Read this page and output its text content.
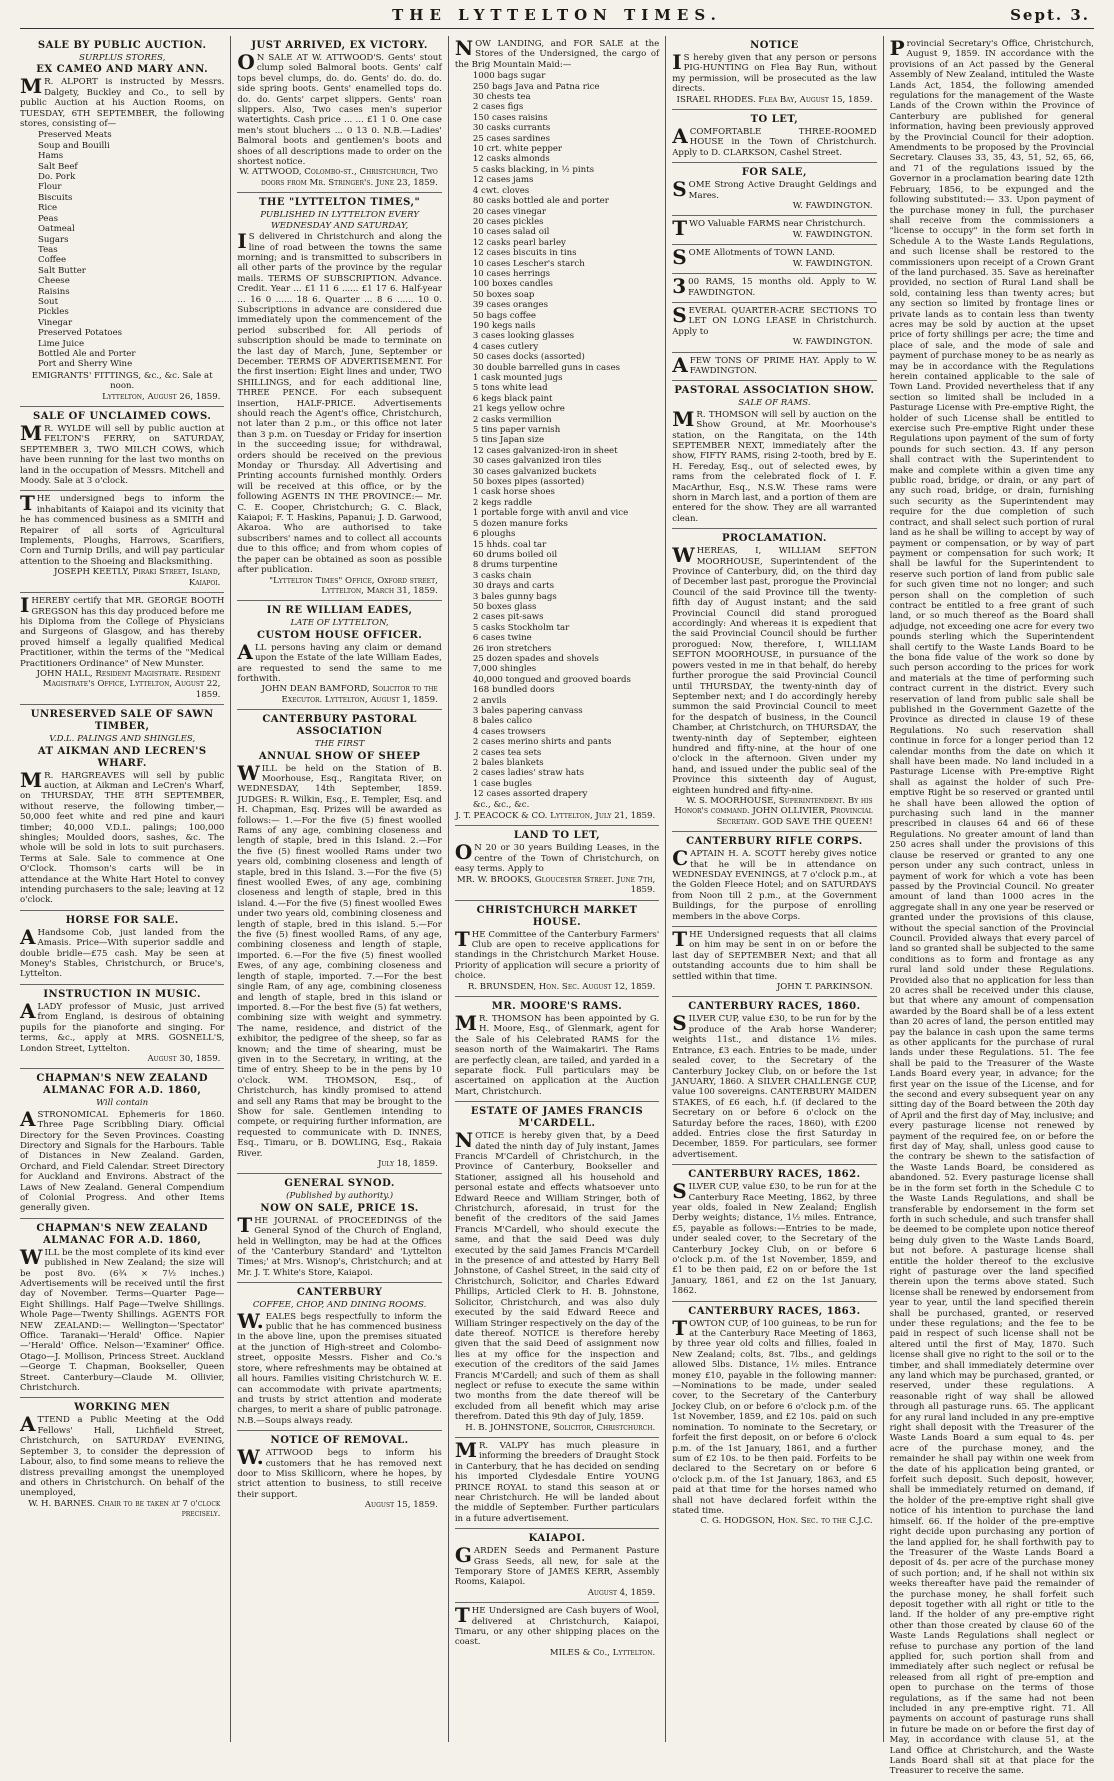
THE LYTTELTON TIMES.	Sept. 3.
SALE BY PUBLIC AUCTION.
SURPLUS STORES,
EX CAMEO AND MARY ANN.
MR. ALPORT is instructed by Messrs. Dalgety, Buckley and Co., to sell by public Auction at his Auction Rooms, on TUESDAY, 6TH SEPTEMBER, the following stores, consisting of—
Preserved Meats
Soup and Bouilli
Hams
Salt Beef
Do. Pork
Flour
Biscuits
Rice
Peas
Oatmeal
Sugars
Teas
Coffee
Salt Butter
Cheese
Raisins
Sout
Pickles
Vinegar
Preserved Potatoes
Lime Juice
Bottled Ale and Porter
Port and Sherry Wine
EMIGRANTS' FITTINGS, &c., &c. Sale at noon.
Lyttelton, August 26, 1859.
SALE OF UNCLAIMED COWS.
MR. WYLDE will sell by public auction at FELTON'S FERRY, on SATURDAY, SEPTEMBER 3, TWO MILCH COWS, which have been running for the last two months on land in the occupation of Messrs. Mitchell and Moody. Sale at 3 o'clock.
THE undersigned begs to inform the inhabitants of Kaiapoi and its vicinity that he has commenced business as a SMITH and Repairer of all sorts of Agricultural Implements, Ploughs, Harrows, Scarifiers, Corn and Turnip Drills, and will pay particular attention to the Shoeing and Blacksmithing.
JOSEPH KEETLY, Piraki Street, Island, Kaiapoi.
IHEREBY certify that MR. GEORGE BOOTH GREGSON has this day produced before me his Diploma from the College of Physicians and Surgeons of Glasgow, and has thereby proved himself a legally qualified Medical Practitioner, within the terms of the "Medical Practitioners Ordinance" of New Munster.
JOHN HALL, Resident Magistrate. Resident Magistrate's Office, Lyttelton, August 22, 1859.
UNRESERVED SALE OF SAWN TIMBER,
V.D.L. PALINGS AND SHINGLES,
AT AIKMAN AND LECREN'S WHARF.
MR. HARGREAVES will sell by public auction, at Aikman and LeCren's Wharf, on THURSDAY, THE 8TH SEPTEMBER, without reserve, the following timber,— 50,000 feet white and red pine and kauri timber; 40,000 V.D.L. palings; 100,000 shingles; Moulded doors, sashes, &c. The whole will be sold in lots to suit purchasers. Terms at Sale. Sale to commence at One O'Clock. Thomson's carts will be in attendance at the White Hart Hotel to convey intending purchasers to the sale; leaving at 12 o'clock.
HORSE FOR SALE.
AHandsome Cob, just landed from the Amasis. Price—With superior saddle and double bridle—£75 cash. May be seen at Money's Stables, Christchurch, or Bruce's, Lyttelton.
INSTRUCTION IN MUSIC.
ALADY professor of Music, just arrived from England, is desirous of obtaining pupils for the pianoforte and singing. For terms, &c., apply at MRS. GOSNELL'S, London Street, Lyttelton.
August 30, 1859.
CHAPMAN'S NEW ZEALAND ALMANAC FOR A.D. 1860,
Will contain
ASTRONOMICAL Ephemeris for 1860. Three Page Scribbling Diary. Official Directory for the Seven Provinces. Coasting Directory and Signals for the Harbours. Table of Distances in New Zealand. Garden, Orchard, and Field Calendar. Street Directory for Auckland and Environs. Abstract of the Laws of New Zealand. General Compendium of Colonial Progress. And other Items generally given.
CHAPMAN'S NEW ZEALAND ALMANAC FOR A.D. 1860,
WILL be the most complete of its kind ever published in New Zealand; the size will be post 8vo. (6¾ × 7½ inches.) Advertisements will be received until the first day of November. Terms—Quarter Page—Eight Shillings. Half Page—Twelve Shillings. Whole Page—Twenty Shillings. AGENTS FOR NEW ZEALAND:— Wellington—'Spectator' Office. Taranaki—'Herald' Office. Napier—'Herald' Office. Nelson—'Examiner' Office. Otago—J. Mollison, Princess Street. Auckland—George T. Chapman, Bookseller, Queen Street. Canterbury—Claude M. Ollivier, Christchurch.
WORKING MEN
ATTEND a Public Meeting at the Odd Fellows' Hall, Lichfield Street, Christchurch, on SATURDAY EVENING, September 3, to consider the depression of Labour, also, to find some means to relieve the distress prevailing amongst the unemployed and others in Christchurch. On behalf of the unemployed,
W. H. BARNES. Chair to be taken at 7 o'clock precisely.
JUST ARRIVED, EX VICTORY.
ON SALE AT W. ATTWOOD'S. Gents' stout clump soled Balmoral boots. Gents' calf tops bevel clumps, do. do. Gents' do. do. do. side spring boots. Gents' enamelled tops do. do. do. Gents' carpet slippers. Gents' roan slippers. Also, Two cases men's superior watertights. Cash price ... ... £1 1 0. One case men's stout bluchers ... 0 13 0. N.B.—Ladies' Balmoral boots and gentlemen's boots and shoes of all descriptions made to order on the shortest notice.
W. ATTWOOD, Colombo-st., Christchurch, Two doors from Mr. Stringer's. June 23, 1859.
THE "LYTTELTON TIMES,"
PUBLISHED IN LYTTELTON EVERY WEDNESDAY AND SATURDAY,
IS delivered in Christchurch and along the line of road between the towns the same morning; and is transmitted to subscribers in all other parts of the province by the regular mails. TERMS OF SUBSCRIPTION. Advance. Credit. Year ... £1 11 6 ...... £1 17 6. Half-year ... 16 0 ...... 18 6. Quarter ... 8 6 ...... 10 0. Subscriptions in advance are considered due immediately upon the commencement of the period subscribed for. All periods of subscription should be made to terminate on the last day of March, June, September or December. TERMS OF ADVERTISEMENT. For the first insertion: Eight lines and under, TWO SHILLINGS, and for each additional line, THREE PENCE. For each subsequent insertion, HALF-PRICE. Advertisements should reach the Agent's office, Christchurch, not later than 2 p.m., or this office not later than 3 p.m. on Tuesday or Friday for insertion in the succeeding issue; for withdrawal, orders should be received on the previous Monday or Thursday. All Advertising and Printing accounts furnished monthly. Orders will be received at this office, or by the following AGENTS IN THE PROVINCE:— Mr. C. E. Cooper, Christchurch; G. C. Black, Kaiapoi; F. T. Haskins, Papanui; J. D. Garwood, Akaroa. Who are authorised to take subscribers' names and to collect all accounts due to this office; and from whom copies of the paper can be obtained as soon as possible after publication.
"Lyttelton Times" Office, Oxford street, Lyttelton, March 31, 1859.
IN RE WILLIAM EADES,
LATE OF LYTTELTON,
CUSTOM HOUSE OFFICER.
ALL persons having any claim or demand upon the Estate of the late William Eades, are requested to send the same to me forthwith.
JOHN DEAN BAMFORD, Solicitor to the Executor. Lyttelton, August 1, 1859.
CANTERBURY PASTORAL ASSOCIATION
THE FIRST
ANNUAL SHOW OF SHEEP
WILL be held on the Station of B. Moorhouse, Esq., Rangitata River, on WEDNESDAY, 14th September, 1859. JUDGES: R. Wilkin, Esq., E. Templer, Esq. and H. Chapman, Esq. Prizes will be awarded as follows:— 1.—For the five (5) finest woolled Rams of any age, combining closeness and length of staple, bred in this Island. 2.—For the five (5) finest woolled Rams under two years old, combining closeness and length of staple, bred in this Island. 3.—For the five (5) finest woolled Ewes, of any age, combining closeness and length of staple, bred in this island. 4.—For the five (5) finest woolled Ewes under two years old, combining closeness and length of staple, bred in this island. 5.—For the five (5) finest woolled Rams, of any age, combining closeness and length of staple, imported. 6.—For the five (5) finest woolled Ewes, of any age, combining closeness and length of staple, imported. 7.—For the best single Ram, of any age, combining closeness and length of staple, bred in this island or imported. 8.—For the best five (5) fat wethers, combining size with weight and symmetry. The name, residence, and district of the exhibitor, the pedigree of the sheep, so far as known; and the time of shearing, must be given in to the Secretary, in writing, at the time of entry. Sheep to be in the pens by 10 o'clock. WM. THOMSON, Esq., of Christchurch, has kindly promised to attend and sell any Rams that may be brought to the Show for sale. Gentlemen intending to compete, or requiring further information, are requested to communicate with D. INNES, Esq., Timaru, or B. DOWLING, Esq., Rakaia River.
July 18, 1859.
GENERAL SYNOD.
(Published by authority.)
NOW ON SALE, PRICE 1S.
THE JOURNAL of PROCEEDINGS of the General Synod of the Church of England, held in Wellington, may be had at the Offices of the 'Canterbury Standard' and 'Lyttelton Times;' at Mrs. Wisnop's, Christchurch; and at Mr. J. T. White's Store, Kaiapoi.
CANTERBURY
COFFEE, CHOP, AND DINING ROOMS.
W.EALES begs respectfully to inform the public that he has commenced business in the above line, upon the premises situated at the junction of High-street and Colombo-street, opposite Messrs. Fisher and Co.'s store, where refreshments may be obtained at all hours. Families visiting Christchurch W. E. can accommodate with private apartments; and trusts by strict attention and moderate charges, to merit a share of public patronage. N.B.—Soups always ready.
NOTICE OF REMOVAL.
W.ATTWOOD begs to inform his customers that he has removed next door to Miss Skillicorn, where he hopes, by strict attention to business, to still receive their support.
August 15, 1859.
NOW LANDING, and FOR SALE at the Stores of the Undersigned, the cargo of the Brig Mountain Maid:—
1000 bags sugar
250 bags Java and Patna rice
30 chests tea
2 cases figs
150 cases raisins
30 casks currants
25 cases sardines
10 crt. white pepper
12 casks almonds
5 casks blacking, in ½ pints
12 cases jams
4 cwt. cloves
80 casks bottled ale and porter
20 cases vinegar
20 cases pickles
10 cases salad oil
12 casks pearl barley
12 cases biscuits in tins
10 cases Lescher's starch
10 cases herrings
100 boxes candles
50 boxes soap
39 cases oranges
50 bags coffee
190 kegs nails
3 cases looking glasses
4 cases cutlery
50 cases docks (assorted)
30 double barrelled guns in cases
1 cask mounted jugs
5 tons white lead
6 kegs black paint
21 kegs yellow ochre
2 casks vermillion
5 tins paper varnish
5 tins Japan size
12 cases galvanized-iron in sheet
30 cases galvanized iron tiles
30 cases galvanized buckets
50 boxes pipes (assorted)
1 cask horse shoes
2 kegs raddle
1 portable forge with anvil and vice
5 dozen manure forks
6 ploughs
15 hhds. coal tar
60 drums boiled oil
8 drums turpentine
3 casks chain
30 drays and carts
3 bales gunny bags
50 boxes glass
2 cases pit-saws
5 casks Stockholm tar
6 cases twine
26 iron stretchers
25 dozen spades and shovels
7,000 shingles
40,000 tongued and grooved boards
168 bundled doors
2 anvils
3 bales papering canvass
8 bales calico
4 cases trowsers
2 cases merino shirts and pants
2 cases tea sets
2 bales blankets
2 cases ladies' straw hats
1 case bugles
12 cases assorted drapery
&c., &c., &c.
J. T. PEACOCK & CO. Lyttelton, July 21, 1859.
LAND TO LET,
ON 20 or 30 years Building Leases, in the centre of the Town of Christchurch, on easy terms. Apply to
MR. W. BROOKS, Gloucester Street. June 7th, 1859.
CHRISTCHURCH MARKET HOUSE.
THE Committee of the Canterbury Farmers' Club are open to receive applications for standings in the Christchurch Market House. Priority of application will secure a priority of choice.
R. BRUNSDEN, Hon. Sec. August 12, 1859.
MR. MOORE'S RAMS.
MR. THOMSON has been appointed by G. H. Moore, Esq., of Glenmark, agent for the Sale of his Celebrated RAMS for the season north of the Waimakariri. The Rams are perfectly clean, are tailed, and yarded in a separate flock. Full particulars may be ascertained on application at the Auction Mart, Christchurch.
ESTATE OF JAMES FRANCIS M'CARDELL.
NOTICE is hereby given that, by a Deed dated the ninth day of July instant, James Francis M'Cardell of Christchurch, in the Province of Canterbury, Bookseller and Stationer, assigned all his household and personal estate and effects whatsoever unto Edward Reece and William Stringer, both of Christchurch, aforesaid, in trust for the benefit of the creditors of the said James Francis M'Cardell, who should execute the same, and that the said Deed was duly executed by the said James Francis M'Cardell in the presence of and attested by Harry Bell Johnstone, of Cashel Street, in the said city of Christchurch, Solicitor, and Charles Edward Phillips, Articled Clerk to H. B. Johnstone, Solicitor, Christchurch, and was also duly executed by the said Edward Reece and William Stringer respectively on the day of the date thereof. NOTICE is therefore hereby given that the said Deed of assignment now lies at my office for the inspection and execution of the creditors of the said James Francis M'Cardell; and such of them as shall neglect or refuse to execute the same within two months from the date thereof will be excluded from all benefit which may arise therefrom. Dated this 9th day of July, 1859.
H. B. JOHNSTONE, Solicitor, Christchurch.
MR. VALPY has much pleasure in informing the breeders of Draught Stock in Canterbury, that he has decided on sending his imported Clydesdale Entire YOUNG PRINCE ROYAL to stand this season at or near Christchurch. He will be landed about the middle of September. Further particulars in a future advertisement.
KAIAPOI.
GARDEN Seeds and Permanent Pasture Grass Seeds, all new, for sale at the Temporary Store of JAMES KERR, Assembly Rooms, Kaiapoi.
August 4, 1859.
THE Undersigned are Cash buyers of Wool, delivered at Christchurch, Kaiapoi, Timaru, or any other shipping places on the coast.
MILES & Co., Lyttelton.
NOTICE
IS hereby given that any person or persons PIG-HUNTING on Flea Bay Run, without my permission, will be prosecuted as the law directs.
ISRAEL RHODES. Flea Bay, August 15, 1859.
TO LET,
ACOMFORTABLE THREE-ROOMED HOUSE in the Town of Christchurch. Apply to D. CLARKSON, Cashel Street.
FOR SALE,
SOME Strong Active Draught Geldings and Mares.
W. FAWDINGTON.
TWO Valuable FARMS near Christchurch.
W. FAWDINGTON.
SOME Allotments of TOWN LAND.
W. FAWDINGTON.
300 RAMS, 15 months old. Apply to W. FAWDINGTON.
SEVERAL QUARTER-ACRE SECTIONS TO LET ON LONG LEASE in Christchurch. Apply to
W. FAWDINGTON.
AFEW TONS OF PRIME HAY. Apply to W. FAWDINGTON.
PASTORAL ASSOCIATION SHOW.
SALE OF RAMS.
MR. THOMSON will sell by auction on the Show Ground, at Mr. Moorhouse's station, on the Rangitata, on the 14th SEPTEMBER NEXT, immediately after the show, FIFTY RAMS, rising 2-tooth, bred by E. H. Fereday, Esq., out of selected ewes, by rams from the celebrated flock of I. F. MacArthur, Esq., N.S.W. These rams were shorn in March last, and a portion of them are entered for the show. They are all warranted clean.
PROCLAMATION.
WHEREAS, I, WILLIAM SEFTON MOORHOUSE, Superintendent of the Province of Canterbury, did, on the third day of December last past, prorogue the Provincial Council of the said Province till the twenty-fifth day of August instant; and the said Provincial Council did stand prorogued accordingly: And whereas it is expedient that the said Provincial Council should be further prorogued: Now, therefore, I, WILLIAM SEFTON MOORHOUSE, in pursuance of the powers vested in me in that behalf, do hereby further prorogue the said Provincial Council until THURSDAY, the twenty-ninth day of September next; and I do accordingly hereby summon the said Provincial Council to meet for the despatch of business, in the Council Chamber, at Christchurch, on THURSDAY, the twenty-ninth day of September, eighteen hundred and fifty-nine, at the hour of one o'clock in the afternoon. Given under my hand, and issued under the public seal of the Province this sixteenth day of August, eighteen hundred and fifty-nine.
W. S. MOORHOUSE, Superintendent. By his Honor's command. JOHN OLLIVIER, Provincial Secretary. GOD SAVE THE QUEEN!
CANTERBURY RIFLE CORPS.
CAPTAIN H. A. SCOTT hereby gives notice that he will be in attendance on WEDNESDAY EVENINGS, at 7 o'clock p.m., at the Golden Fleece Hotel; and on SATURDAYS from Noon till 2 p.m., at the Government Buildings, for the purpose of enrolling members in the above Corps.
THE Undersigned requests that all claims on him may be sent in on or before the last day of SEPTEMBER Next; and that all outstanding accounts due to him shall be settled within that time.
JOHN T. PARKINSON.
CANTERBURY RACES, 1860.
SILVER CUP, value £30, to be run for by the produce of the Arab horse Wanderer; weights 11st., and distance 1½ miles. Entrance, £3 each. Entries to be made, under sealed cover, to the Secretary of the Canterbury Jockey Club, on or before the 1st JANUARY, 1860. A SILVER CHALLENGE CUP, value 100 sovereigns. CANTERBURY MAIDEN STAKES, of £6 each, h.f. (if declared to the Secretary on or before 6 o'clock on the Saturday before the races, 1860), with £200 added. Entries close the first Saturday in December, 1859. For particulars, see former advertisement.
CANTERBURY RACES, 1862.
SILVER CUP, value £30, to be run for at the Canterbury Race Meeting, 1862, by three year olds, foaled in New Zealand; English Derby weights; distance, 1½ miles. Entrance, £5, payable as follows:—Entries to be made, under sealed cover, to the Secretary of the Canterbury Jockey Club, on or before 6 o'clock p.m. of the 1st November, 1859, and £1 to be then paid, £2 on or before the 1st January, 1861, and £2 on the 1st January, 1862.
CANTERBURY RACES, 1863.
TOWTON CUP, of 100 guineas, to be run for at the Canterbury Race Meeting of 1863, by three year old colts and fillies, foaled in New Zealand; colts, 8st. 7lbs., and geldings allowed 5lbs. Distance, 1½ miles. Entrance money £10, payable in the following manner:—Nominations to be made, under sealed cover, to the Secretary of the Canterbury Jockey Club, on or before 6 o'clock p.m. of the 1st November, 1859, and £2 10s. paid on such nomination. To nominate to the Secretary, or forfeit the first deposit, on or before 6 o'clock p.m. of the 1st January, 1861, and a further sum of £2 10s. to be then paid. Forfeits to be declared to the Secretary on or before 6 o'clock p.m. of the 1st January, 1863, and £5 paid at that time for the horses named who shall not have declared forfeit within the stated time.
C. G. HODGSON, Hon. Sec. to the C.J.C.
Provincial Secretary's Office, Christchurch, August 9, 1859. IN accordance with the provisions of an Act passed by the General Assembly of New Zealand, intituled the Waste Lands Act, 1854, the following amended regulations for the management of the Waste Lands of the Crown within the Province of Canterbury are published for general information, having been previously approved by the Provincial Council for their adoption. Amendments to be proposed by the Provincial Secretary. Clauses 33, 35, 43, 51, 52, 65, 66, and 71 of the regulations issued by the Governor in a proclamation bearing date 12th February, 1856, to be expunged and the following substituted:— 33. Upon payment of the purchase money in full, the purchaser shall receive from the commissioners a "license to occupy" in the form set forth in Schedule A to the Waste Lands Regulations, and such license shall be restored to the commissioners upon receipt of a Crown Grant of the land purchased. 35. Save as hereinafter provided, no section of Rural Land shall be sold, containing less than twenty acres; but any section so limited by frontage lines or private lands as to contain less than twenty acres may be sold by auction at the upset price of forty shillings per acre; the time and place of sale, and the mode of sale and payment of purchase money to be as nearly as may be in accordance with the Regulations herein contained applicable to the sale of Town Land. Provided nevertheless that if any section so limited shall be included in a Pasturage License with Pre-emptive Right, the holder of such License shall be entitled to exercise such Pre-emptive Right under these Regulations upon payment of the sum of forty pounds for such section. 43. If any person shall contract with the Superintendent to make and complete within a given time any public road, bridge, or drain, or any part of any such road, bridge, or drain, furnishing such security as the Superintendent may require for the due completion of such contract, and shall select such portion of rural land as he shall be willing to accept by way of payment or compensation, or by way of part payment or compensation for such work; It shall be lawful for the Superintendent to reserve such portion of land from public sale for such given time not no longer; and such person shall on the completion of such contract be entitled to a free grant of such land, or so much thereof as the Board shall adjudge, not exceeding one acre for every two pounds sterling which the Superintendent shall certify to the Waste Lands Board to be the bona fide value of the work so done by such person according to the prices for work and materials at the time of performing such contract current in the district. Every such reservation of land from public sale shall be published in the Government Gazette of the Province as directed in clause 19 of these Regulations. No such reservation shall continue in force for a longer period than 12 calendar months from the date on which it shall have been made. No land included in a Pasturage License with Pre-emptive Right shall as against the holder of such Pre-emptive Right be so reserved or granted until he shall have been allowed the option of purchasing such land in the manner prescribed in clauses 64 and 66 of these Regulations. No greater amount of land than 250 acres shall under the provisions of this clause be reserved or granted to any one person under any such contract, unless in payment of work for which a vote has been passed by the Provincial Council. No greater amount of land than 1000 acres in the aggregate shall in any one year be reserved or granted under the provisions of this clause, without the special sanction of the Provincial Council. Provided always that every parcel of land so granted shall be subjected to the same conditions as to form and frontage as any rural land sold under these Regulations. Provided also that no application for less than 20 acres shall be received under this clause, but that where any amount of compensation awarded by the Board shall be of a less extent than 20 acres of land, the person entitled may pay the balance in cash upon the same terms as other applicants for the purchase of rural lands under these Regulations. 51. The fee shall be paid to the Treasurer of the Waste Lands Board every year, in advance; for the first year on the issue of the License, and for the second and every subsequent year on any sitting day of the Board between the 20th day of April and the first day of May, inclusive; and every pasturage license not renewed by payment of the required fee, on or before the first day of May, shall, unless good cause to the contrary be shewn to the satisfaction of the Waste Lands Board, be considered as abandoned. 52. Every pasturage license shall be in the form set forth in the Schedule C to the Waste Lands Regulations, and shall be transferable by endorsement in the form set forth in such schedule, and such transfer shall be deemed to be complete upon notice thereof being duly given to the Waste Lands Board, but not before. A pasturage license shall entitle the holder thereof to the exclusive right of pasturage over the land specified therein upon the terms above stated. Such license shall be renewed by endorsement from year to year, until the land specified therein shall be purchased, granted, or reserved under these regulations; and the fee to be paid in respect of such license shall not be altered until the first of May, 1870. Such license shall give no right to the soil or to the timber, and shall immediately determine over any land which may be purchased, granted, or reserved, under these regulations. A reasonable right of way shall be allowed through all pasturage runs. 65. The applicant for any rural land included in any pre-emptive right shall deposit with the Treasurer of the Waste Lands Board a sum equal to 4s. per acre of the purchase money, and the remainder he shall pay within one week from the date of his application being granted, or forfeit such deposit. Such deposit, however, shall be immediately returned on demand, if the holder of the pre-emptive right shall give notice of his intention to purchase the land himself. 66. If the holder of the pre-emptive right decide upon purchasing any portion of the land applied for, he shall forthwith pay to the Treasurer of the Waste Lands Board a deposit of 4s. per acre of the purchase money of such portion; and, if he shall not within six weeks thereafter have paid the remainder of the purchase money, he shall forfeit such deposit together with all right or title to the land. If the holder of any pre-emptive right other than those created by clause 60 of the Waste Lands Regulations shall neglect or refuse to purchase any portion of the land applied for, such portion shall from and immediately after such neglect or refusal be released from all right of pre-emption and open to purchase on the terms of those regulations, as if the same had not been included in any pre-emptive right. 71. All payments on account of pasturage runs shall in future be made on or before the first day of May, in accordance with clause 51, at the Land Office at Christchurch, and the Waste Lands Board shall sit at that place for the Treasurer to receive the same.
